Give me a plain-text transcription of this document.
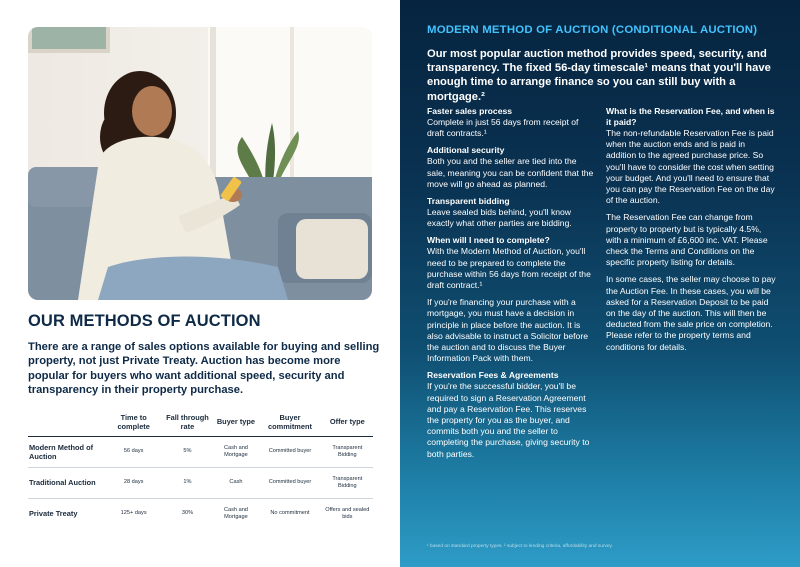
OUR METHODS OF AUCTION
There are a range of sales options available for buying and selling property, not just Private Treaty. Auction has become more popular for buyers who want additional speed, security and transparency in their property purchase.
	Time to complete	Fall through rate	Buyer type	Buyer commitment	Offer type
Modern Method of Auction	56 days	5%	Cash and Mortgage	Committed buyer	Transparent Bidding
Traditional Auction	28 days	1%	Cash	Committed buyer	Transparent Bidding
Private Treaty	125+ days	30%	Cash and Mortgage	No commitment	Offers and sealed bids
MODERN METHOD OF AUCTION (CONDITIONAL AUCTION)
Our most popular auction method provides speed, security, and transparency. The fixed 56-day timescale¹ means that you'll have enough time to arrange finance so you can still buy with a mortgage.²
Faster sales process

Complete in just 56 days from receipt of draft contracts.¹

Additional security

Both you and the seller are tied into the sale, meaning you can be confident that the move will go ahead as planned.

Transparent bidding

Leave sealed bids behind, you'll know exactly what other parties are bidding.

When will I need to complete?

With the Modern Method of Auction, you'll need to be prepared to complete the purchase within 56 days from receipt of the draft contract.¹

If you're financing your purchase with a mortgage, you must have a decision in principle in place before the auction. It is also advisable to instruct a Solicitor before the auction and to discuss the Buyer Information Pack with them.

Reservation Fees & Agreements

If you're the successful bidder, you'll be required to sign a Reservation Agreement and pay a Reservation Fee. This reserves the property for you as the buyer, and commits both you and the seller to completing the purchase, giving security to both parties.

What is the Reservation Fee, and when is it paid?

The non-refundable Reservation Fee is paid when the auction ends and is paid in addition to the agreed purchase price. So you'll have to consider the cost when setting your budget. And you'll need to ensure that you can pay the Reservation Fee on the day of the auction.

The Reservation Fee can change from property to property but is typically 4.5%, with a minimum of £6,600 inc. VAT. Please check the Terms and Conditions on the specific property listing for details.

In some cases, the seller may choose to pay the Auction Fee. In these cases, you will be asked for a Reservation Deposit to be paid on the day of the auction. This will then be deducted from the sale price on completion. Please refer to the property terms and conditions for details.

¹ based on standard property types. ² subject to lending criteria, affordability and survey.
